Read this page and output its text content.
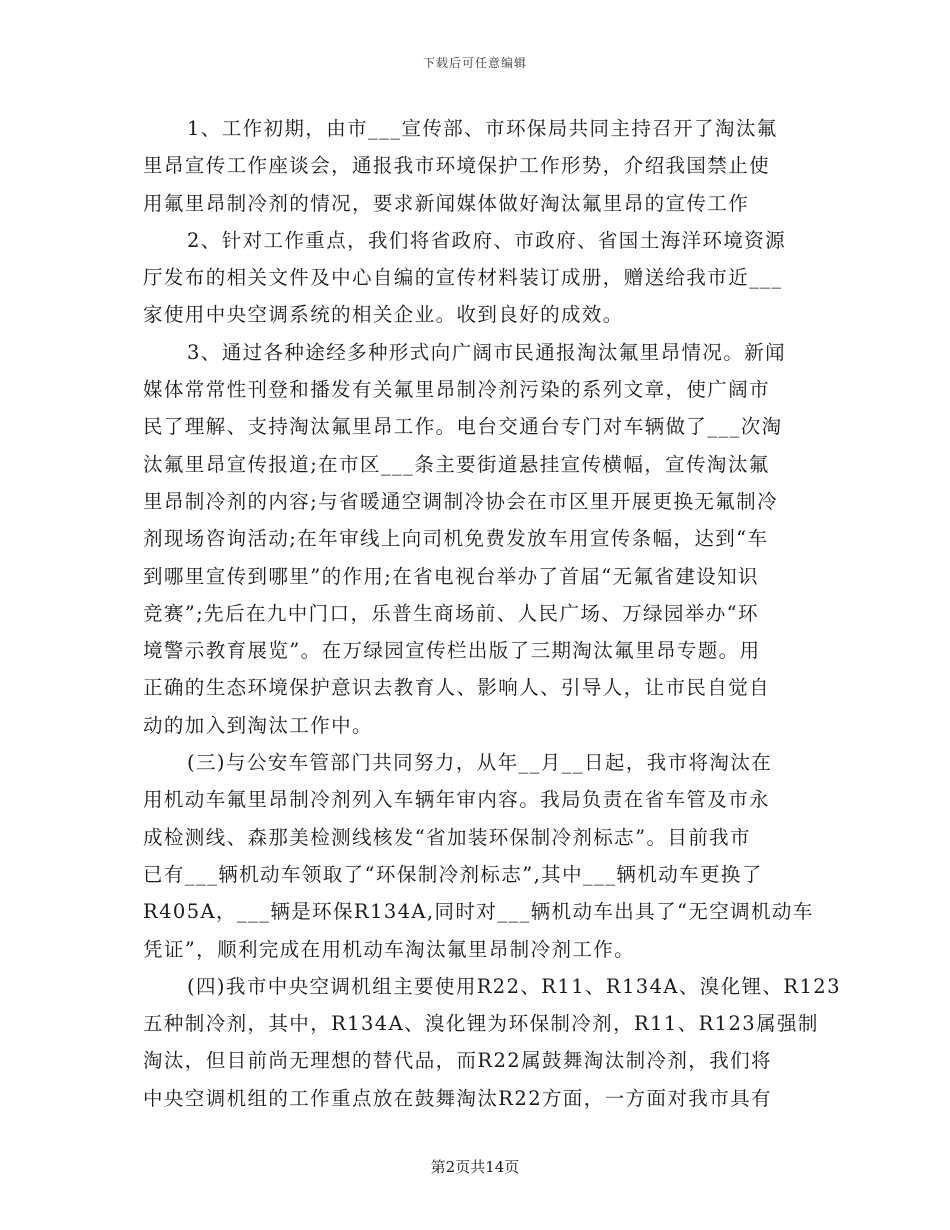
下载后可任意编辑
1、工作初期，由市___宣传部、市环保局共同主持召开了淘汰氟
里昂宣传工作座谈会，通报我市环境保护工作形势，介绍我国禁止使
用氟里昂制冷剂的情况，要求新闻媒体做好淘汰氟里昂的宣传工作
2、针对工作重点，我们将省政府、市政府、省国土海洋环境资源
厅发布的相关文件及中心自编的宣传材料装订成册，赠送给我市近___
家使用中央空调系统的相关企业。收到良好的成效。
3、通过各种途经多种形式向广阔市民通报淘汰氟里昂情况。新闻
媒体常常性刊登和播发有关氟里昂制冷剂污染的系列文章，使广阔市
民了理解、支持淘汰氟里昂工作。电台交通台专门对车辆做了___次淘
汰氟里昂宣传报道;在市区___条主要街道悬挂宣传横幅，宣传淘汰氟
里昂制冷剂的内容;与省暖通空调制冷协会在市区里开展更换无氟制冷
剂现场咨询活动;在年审线上向司机免费发放车用宣传条幅，达到“车
到哪里宣传到哪里”的作用;在省电视台举办了首届“无氟省建设知识
竞赛”;先后在九中门口，乐普生商场前、人民广场、万绿园举办“环
境警示教育展览”。在万绿园宣传栏出版了三期淘汰氟里昂专题。用
正确的生态环境保护意识去教育人、影响人、引导人，让市民自觉自
动的加入到淘汰工作中。
(三)与公安车管部门共同努力，从年__月__日起，我市将淘汰在
用机动车氟里昂制冷剂列入车辆年审内容。我局负责在省车管及市永
成检测线、森那美检测线核发“省加装环保制冷剂标志”。目前我市
已有___辆机动车领取了“环保制冷剂标志”,其中___辆机动车更换了
R405A，___辆是环保R134A,同时对___辆机动车出具了“无空调机动车
凭证”，顺利完成在用机动车淘汰氟里昂制冷剂工作。
(四)我市中央空调机组主要使用R22、R11、R134A、溴化锂、R123
五种制冷剂，其中，R134A、溴化锂为环保制冷剂，R11、R123属强制
淘汰，但目前尚无理想的替代品，而R22属鼓舞淘汰制冷剂，我们将
中央空调机组的工作重点放在鼓舞淘汰R22方面，一方面对我市具有
第2页共14页
